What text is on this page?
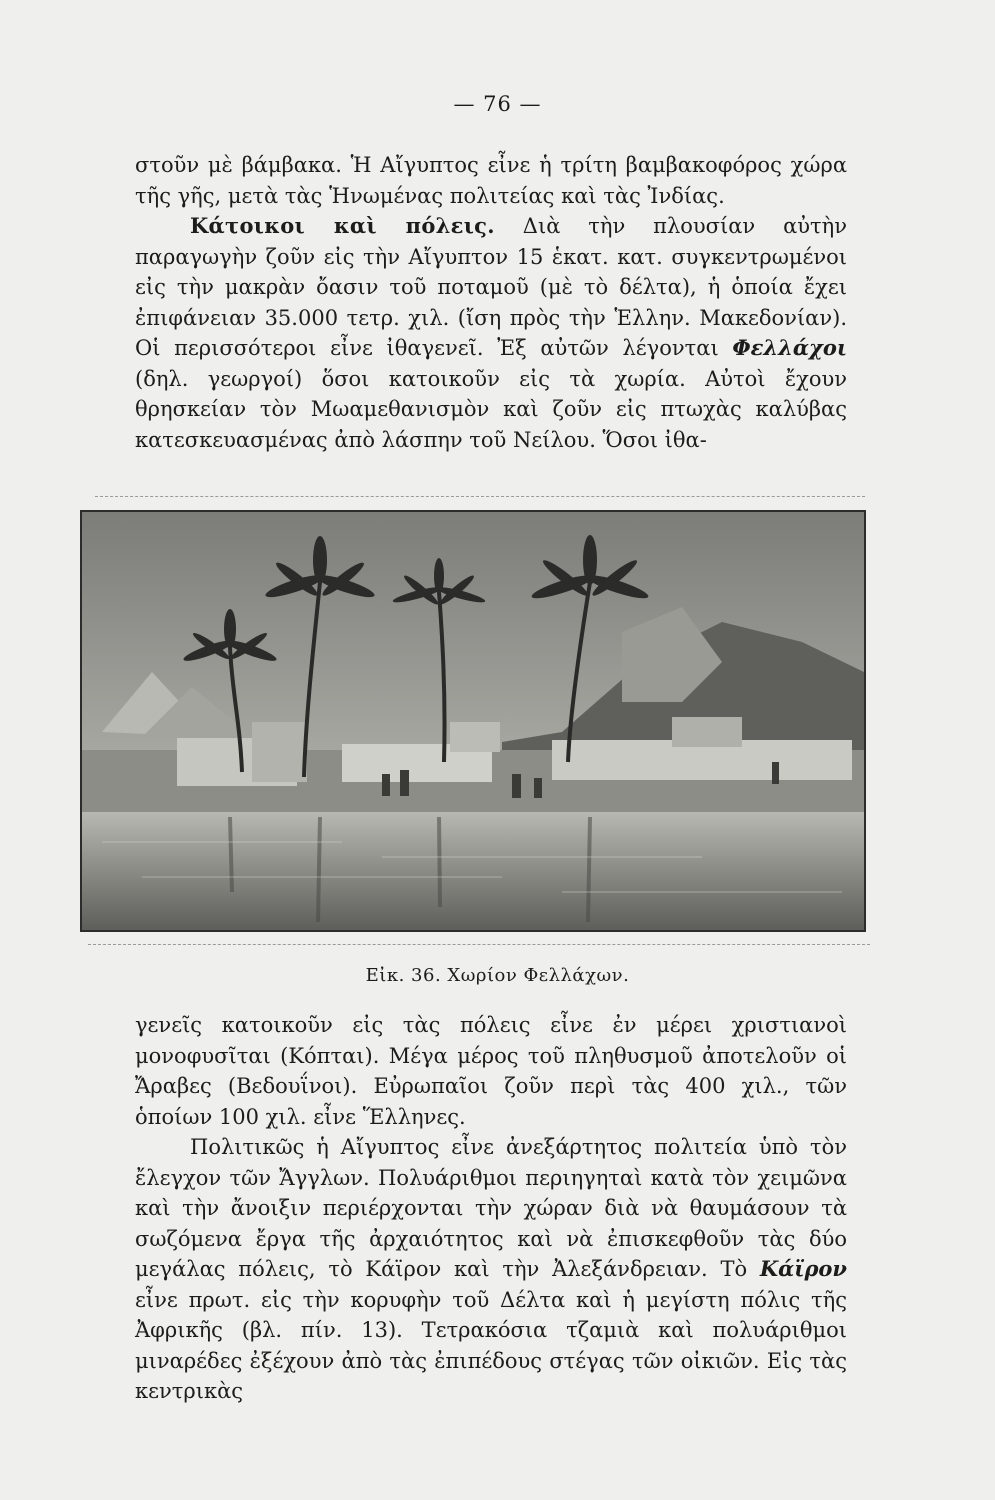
— 76 —

στοῦν μὲ βάμβακα. Ἡ Αἴγυπτος εἶνε ἡ τρίτη βαμβακοφόρος χώρα τῆς γῆς, μετὰ τὰς Ἡνωμένας πολιτείας καὶ τὰς Ἰνδίας.

Κάτοικοι καὶ πόλεις. Διὰ τὴν πλουσίαν αὐτὴν παραγωγὴν ζοῦν εἰς τὴν Αἴγυπτον 15 ἑκατ. κατ. συγκεντρωμένοι εἰς τὴν μακρὰν ὄασιν τοῦ ποταμοῦ (μὲ τὸ δέλτα), ἡ ὁποία ἔχει ἐπιφάνειαν 35.000 τετρ. χιλ. (ἴση πρὸς τὴν Ἑλλην. Μακεδονίαν). Οἱ περισσότεροι εἶνε ἰθαγενεῖ. Ἐξ αὐτῶν λέγονται Φελλάχοι (δηλ. γεωργοί) ὅσοι κατοικοῦν εἰς τὰ χωρία. Αὐτοὶ ἔχουν θρησκείαν τὸν Μωαμεθανισμὸν καὶ ζοῦν εἰς πτωχὰς καλύβας κατεσκευασμένας ἀπὸ λάσπην τοῦ Νείλου. Ὅσοι ἰθα-

Εἰκ. 36. Χωρίον Φελλάχων.

γενεῖς κατοικοῦν εἰς τὰς πόλεις εἶνε ἐν μέρει χριστιανοὶ μονοφυσῖται (Κόπται). Μέγα μέρος τοῦ πληθυσμοῦ ἀποτελοῦν οἱ Ἄραβες (Βεδουΐνοι). Εὐρωπαῖοι ζοῦν περὶ τὰς 400 χιλ., τῶν ὁποίων 100 χιλ. εἶνε Ἕλληνες.

Πολιτικῶς ἡ Αἴγυπτος εἶνε ἀνεξάρτητος πολιτεία ὑπὸ τὸν ἔλεγχον τῶν Ἄγγλων. Πολυάριθμοι περιηγηταὶ κατὰ τὸν χειμῶνα καὶ τὴν ἄνοιξιν περιέρχονται τὴν χώραν διὰ νὰ θαυμάσουν τὰ σωζόμενα ἔργα τῆς ἀρχαιότητος καὶ νὰ ἐπισκεφθοῦν τὰς δύο μεγάλας πόλεις, τὸ Κάϊρον καὶ τὴν Ἀλεξάνδρειαν. Τὸ Κάϊρον εἶνε πρωτ. εἰς τὴν κορυφὴν τοῦ Δέλτα καὶ ἡ μεγίστη πόλις τῆς Ἀφρικῆς (βλ. πίν. 13). Τετρακόσια τζαμιὰ καὶ πολυάριθμοι μιναρέδες ἐξέχουν ἀπὸ τὰς ἐπιπέδους στέγας τῶν οἰκιῶν. Εἰς τὰς κεντρικὰς
